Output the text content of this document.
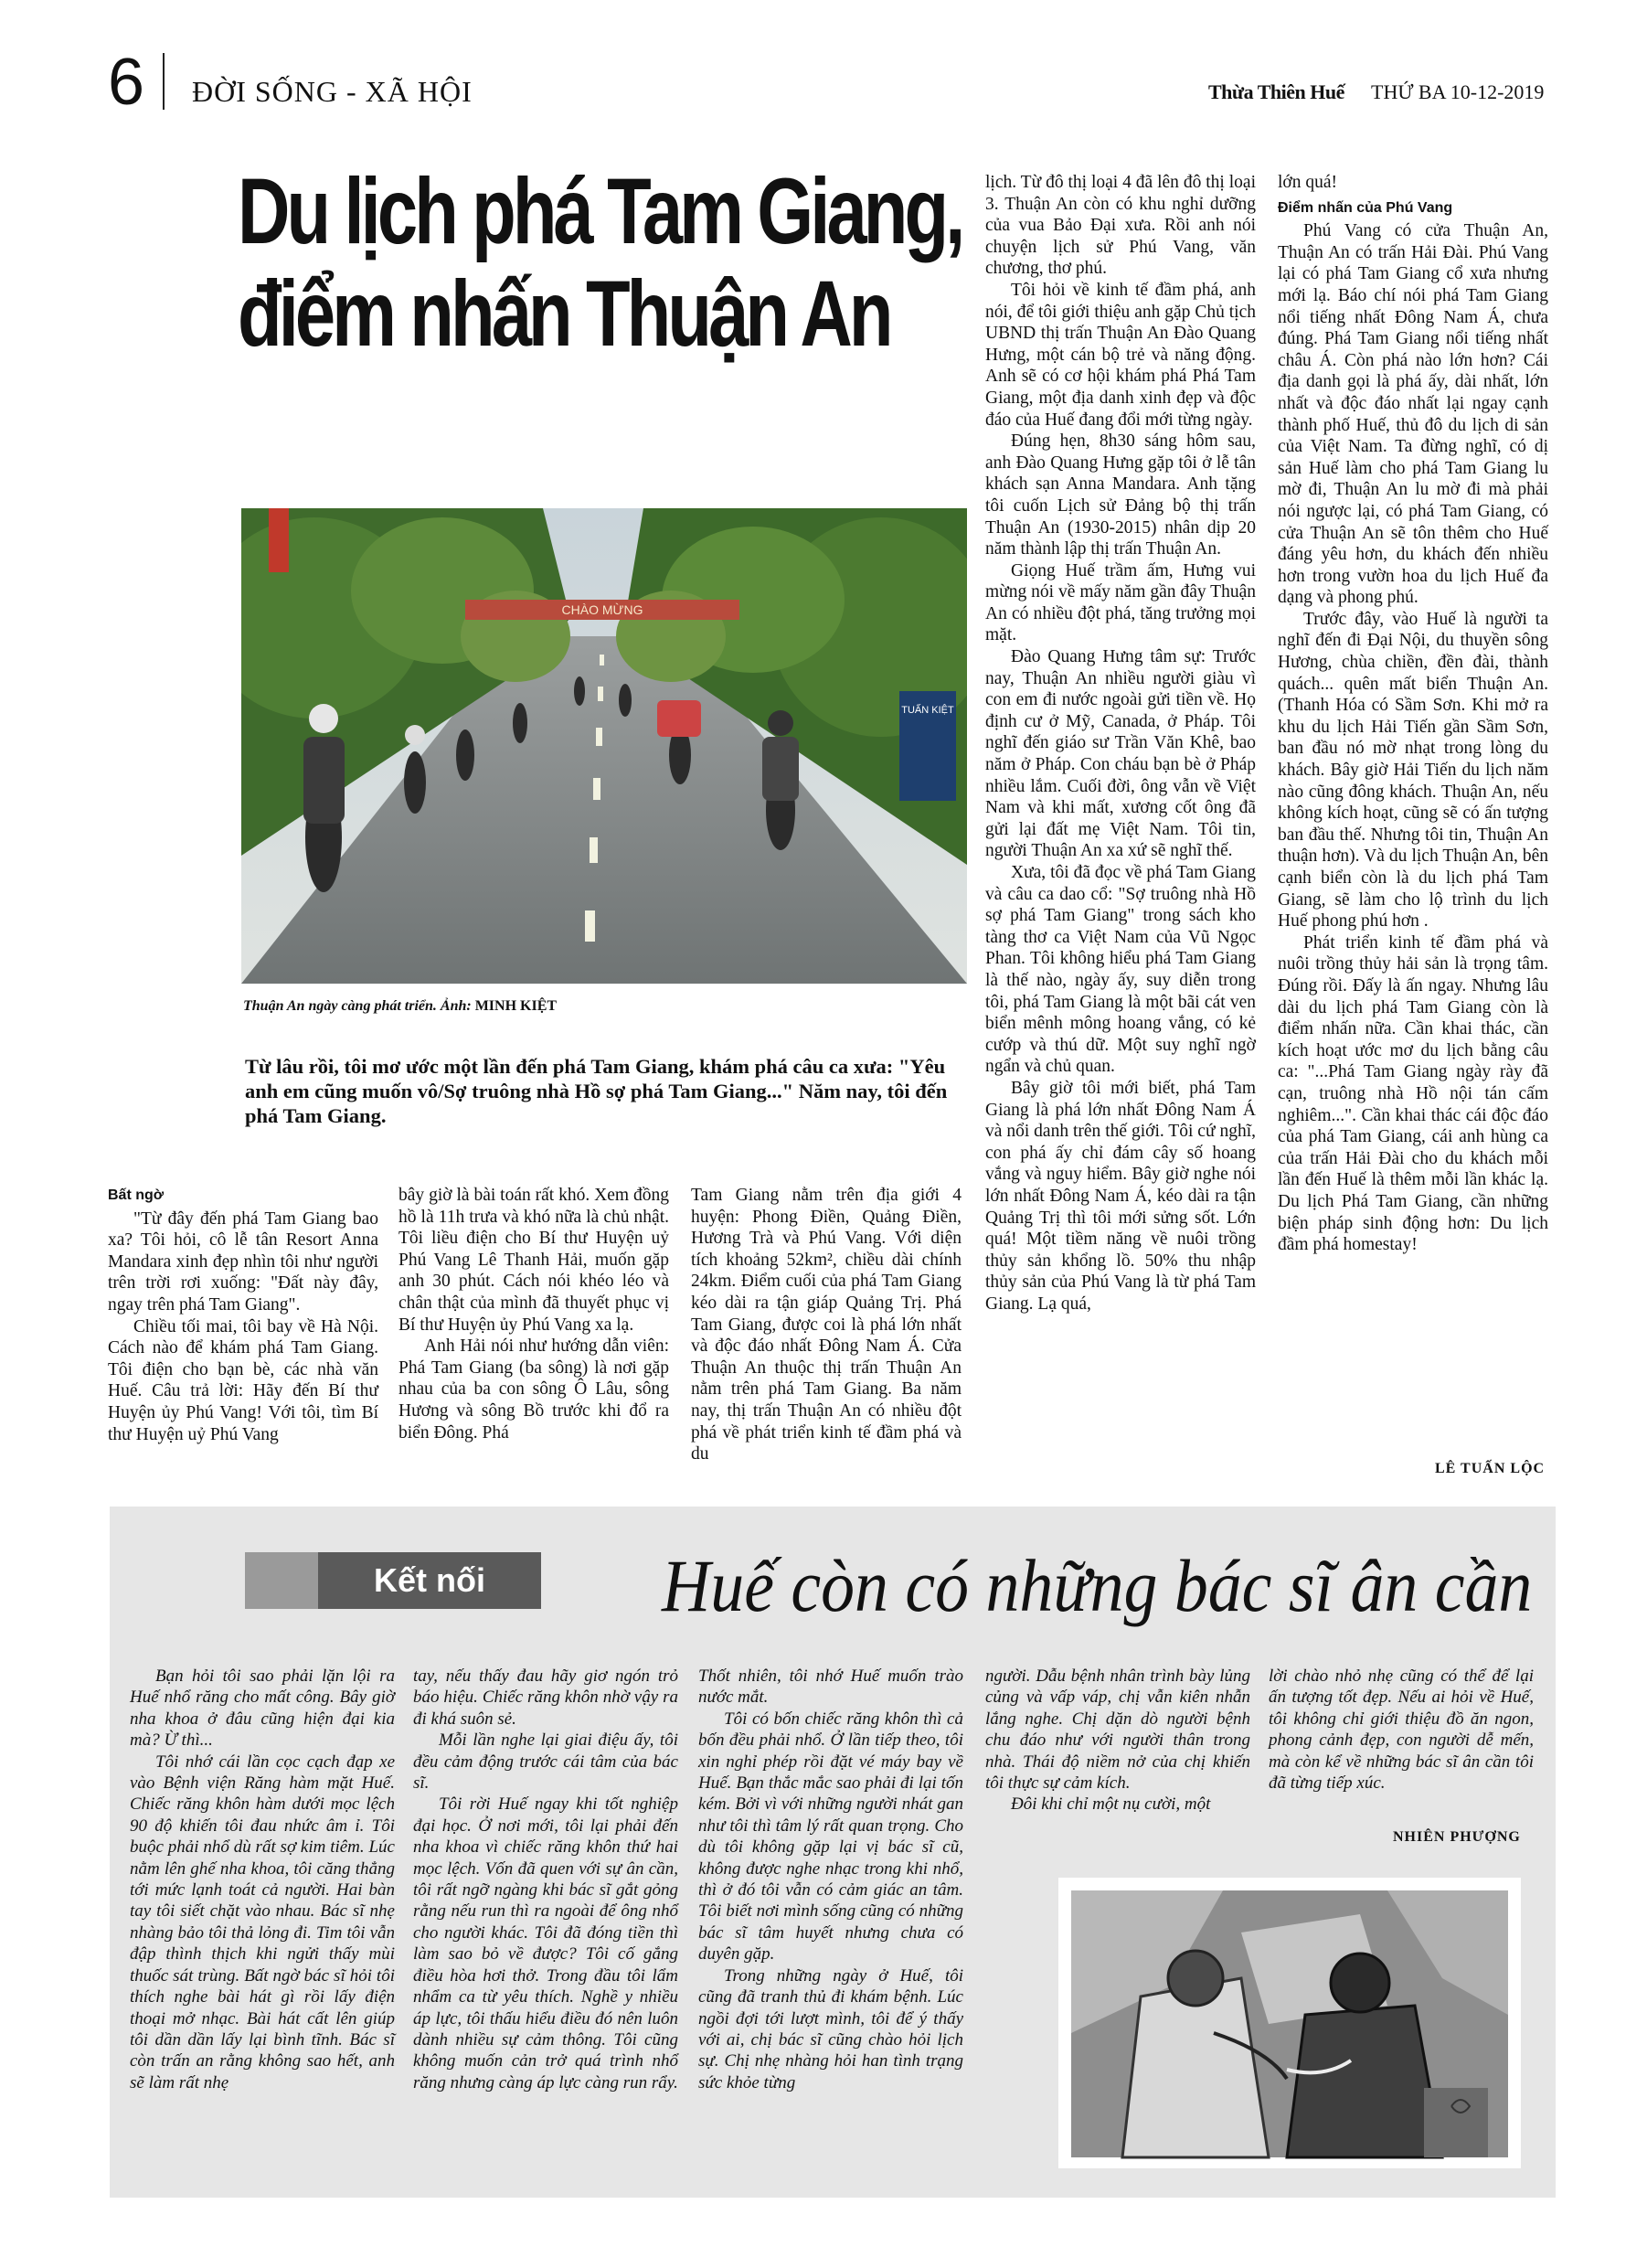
6 ĐỜI SỐNG - XÃ HỘI	Thừa Thiên Huế THỨ BA 10-12-2019
Du lịch phá Tam Giang,
điểm nhấn Thuận An
CHÀO MỪNG
TUẤN KIỆT
Thuận An ngày càng phát triển. Ảnh: MINH KIỆT
Từ lâu rồi, tôi mơ ước một lần đến phá Tam Giang, khám phá câu ca xưa: "Yêu anh em cũng muốn vô/Sợ truông nhà Hồ sợ phá Tam Giang..." Năm nay, tôi đến phá Tam Giang.

Bất ngờ

"Từ đây đến phá Tam Giang bao xa? Tôi hỏi, cô lễ tân Resort Anna Mandara xinh đẹp nhìn tôi như người trên trời rơi xuống: "Đất này đây, ngay trên phá Tam Giang".

Chiều tối mai, tôi bay về Hà Nội. Cách nào để khám phá Tam Giang. Tôi điện cho bạn bè, các nhà văn Huế. Câu trả lời: Hãy đến Bí thư Huyện ủy Phú Vang! Với tôi, tìm Bí thư Huyện uỷ Phú Vang

bây giờ là bài toán rất khó. Xem đồng hồ là 11h trưa và khó nữa là chủ nhật. Tôi liều điện cho Bí thư Huyện uỷ Phú Vang Lê Thanh Hải, muốn gặp anh 30 phút. Cách nói khéo léo và chân thật của mình đã thuyết phục vị Bí thư Huyện ủy Phú Vang xa lạ.

Anh Hải nói như hướng dẫn viên: Phá Tam Giang (ba sông) là nơi gặp nhau của ba con sông Ô Lâu, sông Hương và sông Bồ trước khi đổ ra biển Đông. Phá

Tam Giang nằm trên địa giới 4 huyện: Phong Điền, Quảng Điền, Hương Trà và Phú Vang. Với diện tích khoảng 52km², chiều dài chính 24km. Điểm cuối của phá Tam Giang kéo dài ra tận giáp Quảng Trị. Phá Tam Giang, được coi là phá lớn nhất và độc đáo nhất Đông Nam Á. Cửa Thuận An thuộc thị trấn Thuận An nằm trên phá Tam Giang. Ba năm nay, thị trấn Thuận An có nhiều đột phá về phát triển kinh tế đầm phá và du

lịch. Từ đô thị loại 4 đã lên đô thị loại 3. Thuận An còn có khu nghỉ dưỡng của vua Bảo Đại xưa. Rồi anh nói chuyện lịch sử Phú Vang, văn chương, thơ phú.

Tôi hỏi về kinh tế đầm phá, anh nói, để tôi giới thiệu anh gặp Chủ tịch UBND thị trấn Thuận An Đào Quang Hưng, một cán bộ trẻ và năng động. Anh sẽ có cơ hội khám phá Phá Tam Giang, một địa danh xinh đẹp và độc đáo của Huế đang đổi mới từng ngày.

Đúng hẹn, 8h30 sáng hôm sau, anh Đào Quang Hưng gặp tôi ở lễ tân khách sạn Anna Mandara. Anh tặng tôi cuốn Lịch sử Đảng bộ thị trấn Thuận An (1930-2015) nhân dịp 20 năm thành lập thị trấn Thuận An.

Giọng Huế trầm ấm, Hưng vui mừng nói về mấy năm gần đây Thuận An có nhiều đột phá, tăng trưởng mọi mặt.

Đào Quang Hưng tâm sự: Trước nay, Thuận An nhiều người giàu vì con em đi nước ngoài gửi tiền về. Họ định cư ở Mỹ, Canada, ở Pháp. Tôi nghĩ đến giáo sư Trần Văn Khê, bao năm ở Pháp. Con cháu bạn bè ở Pháp nhiều lắm. Cuối đời, ông vẫn về Việt Nam và khi mất, xương cốt ông đã gửi lại đất mẹ Việt Nam. Tôi tin, người Thuận An xa xứ sẽ nghĩ thế.

Xưa, tôi đã đọc về phá Tam Giang và câu ca dao cổ: "Sợ truông nhà Hồ sợ phá Tam Giang" trong sách kho tàng thơ ca Việt Nam của Vũ Ngọc Phan. Tôi không hiểu phá Tam Giang là thế nào, ngày ấy, suy diễn trong tôi, phá Tam Giang là một bãi cát ven biển mênh mông hoang vắng, có kẻ cướp và thú dữ. Một suy nghĩ ngờ ngẩn và chủ quan.

Bây giờ tôi mới biết, phá Tam Giang là phá lớn nhất Đông Nam Á và nổi danh trên thế giới. Tôi cứ nghĩ, con phá ấy chỉ đám cây số hoang vắng và nguy hiểm. Bây giờ nghe nói lớn nhất Đông Nam Á, kéo dài ra tận Quảng Trị thì tôi mới sửng sốt. Lớn quá! Một tiềm năng về nuôi trồng thủy sản khổng lồ. 50% thu nhập thủy sản của Phú Vang là từ phá Tam Giang. Lạ quá,

lớn quá!

Điểm nhấn của Phú Vang

Phú Vang có cửa Thuận An, Thuận An có trấn Hải Đài. Phú Vang lại có phá Tam Giang cổ xưa nhưng mới lạ. Báo chí nói phá Tam Giang nổi tiếng nhất Đông Nam Á, chưa đúng. Phá Tam Giang nổi tiếng nhất châu Á. Còn phá nào lớn hơn? Cái địa danh gọi là phá ấy, dài nhất, lớn nhất và độc đáo nhất lại ngay cạnh thành phố Huế, thủ đô du lịch di sản của Việt Nam. Ta đừng nghĩ, có dị sản Huế làm cho phá Tam Giang lu mờ đi, Thuận An lu mờ đi mà phải nói ngược lại, có phá Tam Giang, có cửa Thuận An sẽ tôn thêm cho Huế đáng yêu hơn, du khách đến nhiều hơn trong vườn hoa du lịch Huế đa dạng và phong phú.

Trước đây, vào Huế là người ta nghĩ đến đi Đại Nội, du thuyền sông Hương, chùa chiền, đền đài, thành quách... quên mất biển Thuận An. (Thanh Hóa có Sầm Sơn. Khi mở ra khu du lịch Hải Tiến gần Sầm Sơn, ban đầu nó mờ nhạt trong lòng du khách. Bây giờ Hải Tiến du lịch năm nào cũng đông khách. Thuận An, nếu không kích hoạt, cũng sẽ có ấn tượng ban đầu thế. Nhưng tôi tin, Thuận An thuận hơn). Và du lịch Thuận An, bên cạnh biển còn là du lịch phá Tam Giang, sẽ làm cho lộ trình du lịch Huế phong phú hơn .

Phát triển kinh tế đầm phá và nuôi trồng thủy hải sản là trọng tâm. Đúng rồi. Đấy là ấn ngay. Nhưng lâu dài du lịch phá Tam Giang còn là điểm nhấn nữa. Cần khai thác, cần kích hoạt ước mơ du lịch bằng câu ca: "...Phá Tam Giang ngày rày đã cạn, truông nhà Hồ nội tán cấm nghiêm...". Cần khai thác cái độc đáo của phá Tam Giang, cái anh hùng ca của trấn Hải Đài cho du khách mỗi lần đến Huế là thêm mỗi lần khác lạ. Du lịch Phá Tam Giang, cần những biện pháp sinh động hơn: Du lịch đầm phá homestay!

LÊ TUẤN LỘC
Kết nối	Huế còn có những bác sĩ ân cần

Bạn hỏi tôi sao phải lặn lội ra Huế nhổ răng cho mất công. Bây giờ nha khoa ở đâu cũng hiện đại kia mà? Ừ thì...

Tôi nhớ cái lần cọc cạch đạp xe vào Bệnh viện Răng hàm mặt Huế. Chiếc răng khôn hàm dưới mọc lệch 90 độ khiến tôi đau nhức âm ỉ. Tôi buộc phải nhổ dù rất sợ kim tiêm. Lúc nằm lên ghế nha khoa, tôi căng thẳng tới mức lạnh toát cả người. Hai bàn tay tôi siết chặt vào nhau. Bác sĩ nhẹ nhàng bảo tôi thả lỏng đi. Tim tôi vẫn đập thình thịch khi ngửi thấy mùi thuốc sát trùng. Bất ngờ bác sĩ hỏi tôi thích nghe bài hát gì rồi lấy điện thoại mở nhạc. Bài hát cất lên giúp tôi dần dần lấy lại bình tĩnh. Bác sĩ còn trấn an rằng không sao hết, anh sẽ làm rất nhẹ

tay, nếu thấy đau hãy giơ ngón trỏ báo hiệu. Chiếc răng khôn nhờ vậy ra đi khá suôn sẻ.

Mỗi lần nghe lại giai điệu ấy, tôi đều cảm động trước cái tâm của bác sĩ.

Tôi rời Huế ngay khi tốt nghiệp đại học. Ở nơi mới, tôi lại phải đến nha khoa vì chiếc răng khôn thứ hai mọc lệch. Vốn đã quen với sự ân cần, tôi rất ngỡ ngàng khi bác sĩ gắt gỏng rằng nếu run thì ra ngoài để ông nhổ cho người khác. Tôi đã đóng tiền thì làm sao bỏ về được? Tôi cố gắng điều hòa hơi thở. Trong đầu tôi lẩm nhẩm ca từ yêu thích. Nghề y nhiều áp lực, tôi thấu hiểu điều đó nên luôn dành nhiều sự cảm thông. Tôi cũng không muốn cản trở quá trình nhổ răng nhưng càng áp lực càng run rẩy.

Thốt nhiên, tôi nhớ Huế muốn trào nước mắt.

Tôi có bốn chiếc răng khôn thì cả bốn đều phải nhổ. Ở lần tiếp theo, tôi xin nghỉ phép rồi đặt vé máy bay về Huế. Bạn thắc mắc sao phải đi lại tốn kém. Bởi vì với những người nhát gan như tôi thì tâm lý rất quan trọng. Cho dù tôi không gặp lại vị bác sĩ cũ, không được nghe nhạc trong khi nhổ, thì ở đó tôi vẫn có cảm giác an tâm. Tôi biết nơi mình sống cũng có những bác sĩ tâm huyết nhưng chưa có duyên gặp.

Trong những ngày ở Huế, tôi cũng đã tranh thủ đi khám bệnh. Lúc ngồi đợi tới lượt mình, tôi để ý thấy với ai, chị bác sĩ cũng chào hỏi lịch sự. Chị nhẹ nhàng hỏi han tình trạng sức khỏe từng

người. Dẫu bệnh nhân trình bày lủng củng và vấp váp, chị vẫn kiên nhẫn lắng nghe. Chị dặn dò người bệnh chu đáo như với người thân trong nhà. Thái độ niềm nở của chị khiến tôi thực sự cảm kích.

Đôi khi chỉ một nụ cười, một

lời chào nhỏ nhẹ cũng có thể để lại ấn tượng tốt đẹp. Nếu ai hỏi về Huế, tôi không chỉ giới thiệu đồ ăn ngon, phong cảnh đẹp, con người dễ mến, mà còn kể về những bác sĩ ân cần tôi đã từng tiếp xúc.

NHIÊN PHƯỢNG
